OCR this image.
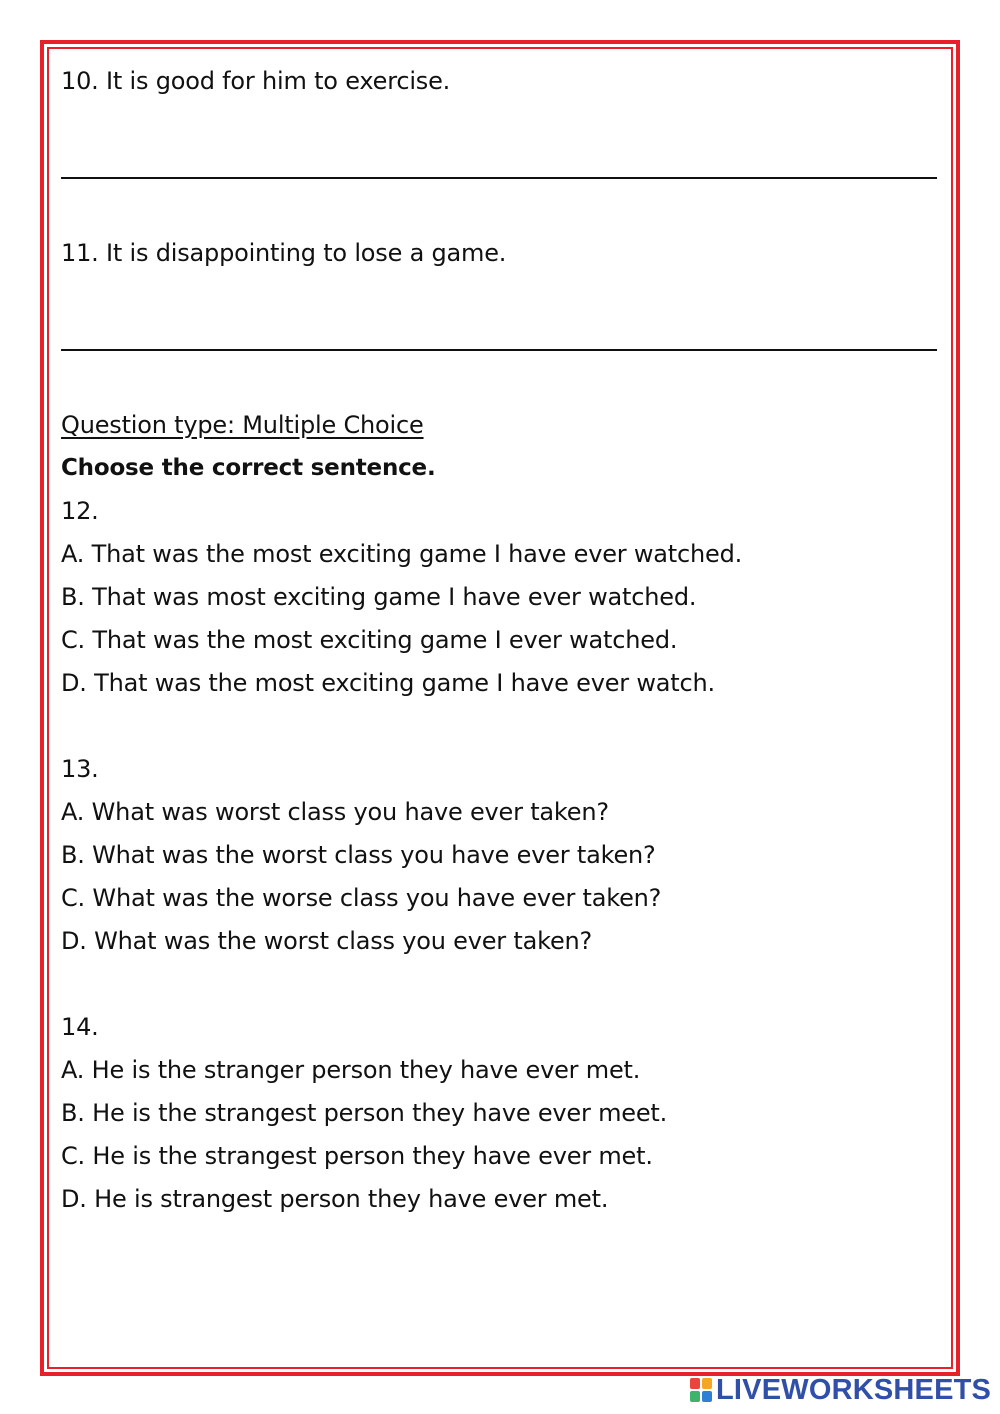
10. It is good for him to exercise.
11. It is disappointing to lose a game.
Question type: Multiple Choice
Choose the correct sentence.
12.
A. That was the most exciting game I have ever watched.
B. That was most exciting game I have ever watched.
C. That was the most exciting game I ever watched.
D. That was the most exciting game I have ever watch.
13.
A. What was worst class you have ever taken?
B. What was the worst class you have ever taken?
C. What was the worse class you have ever taken?
D. What was the worst class you ever taken?
14.
A. He is the stranger person they have ever met.
B. He is the strangest person they have ever meet.
C. He is the strangest person they have ever met.
D. He is strangest person they have ever met.
LIVEWORKSHEETS
